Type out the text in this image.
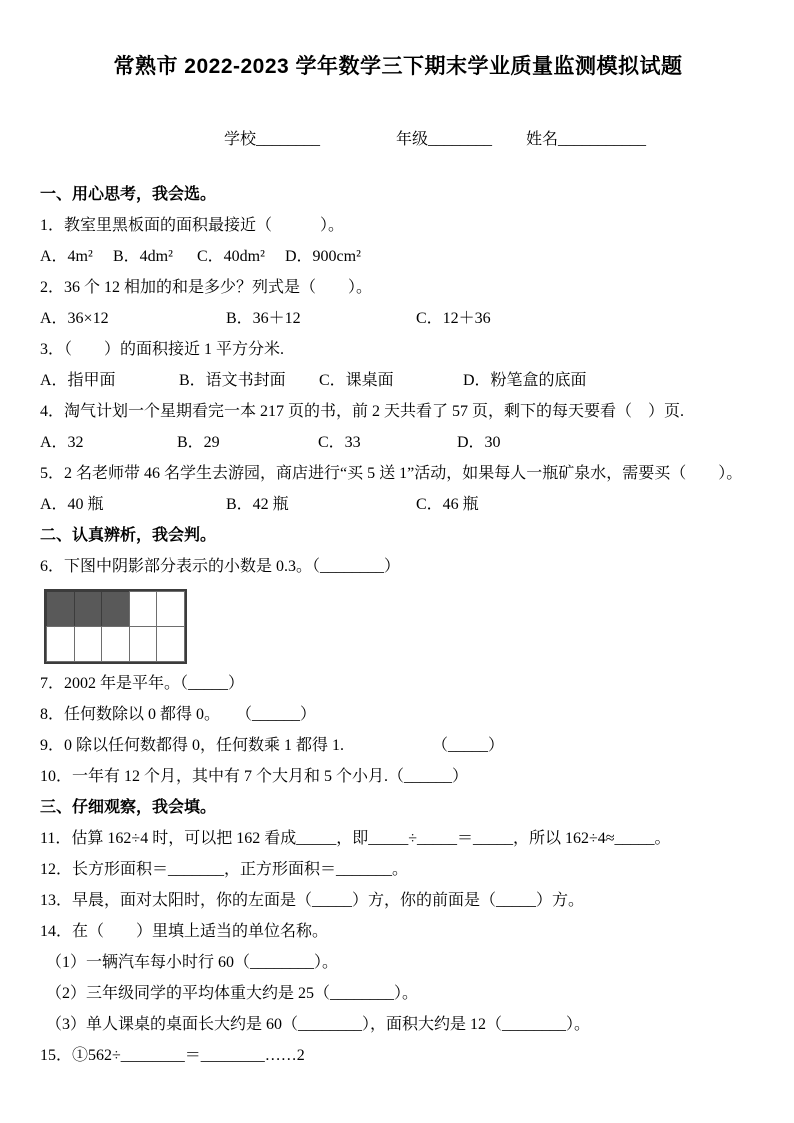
常熟市 2022-2023 学年数学三下期末学业质量监测模拟试题

学校________	年级________ 姓名___________

一、用心思考，我会选。
1．教室里黑板面的面积最接近（　　　）。
A．4m² B．4dm² C．40dm² D．900cm²
2．36 个 12 相加的和是多少？列式是（　　）。
A．36×12	B．36＋12	C．12＋36
3．（　　）的面积接近 1 平方分米.
A．指甲面	B．语文书封面 C．课桌面	D．粉笔盒的底面
4．淘气计划一个星期看完一本 217 页的书，前 2 天共看了 57 页，剩下的每天要看（　）页.
A．32	B．29	C．33	D．30
5．2 名老师带 46 名学生去游园，商店进行“买 5 送 1”活动，如果每人一瓶矿泉水，需要买（　　）。
A．40 瓶	B．42 瓶	C．46 瓶
二、认真辨析，我会判。
6．下图中阴影部分表示的小数是 0.3。（________）
7．2002 年是平年。（_____）
8．任何数除以 0 都得 0。　　（______）
9．0 除以任何数都得 0，任何数乘 1 都得 1.　　　　　　（_____）
10．一年有 12 个月，其中有 7 个大月和 5 个小月.（______）
三、仔细观察，我会填。
11．估算 162÷4 时，可以把 162 看成_____，即_____÷_____＝_____，所以 162÷4≈_____。
12．长方形面积＝_______，正方形面积＝_______。
13．早晨，面对太阳时，你的左面是（_____）方，你的前面是（_____）方。
14．在（　　）里填上适当的单位名称。
（1）一辆汽车每小时行 60（________）。
（2）三年级同学的平均体重大约是 25（________）。
（3）单人课桌的桌面长大约是 60（________），面积大约是 12（________）。
15．①562÷________＝________……2
